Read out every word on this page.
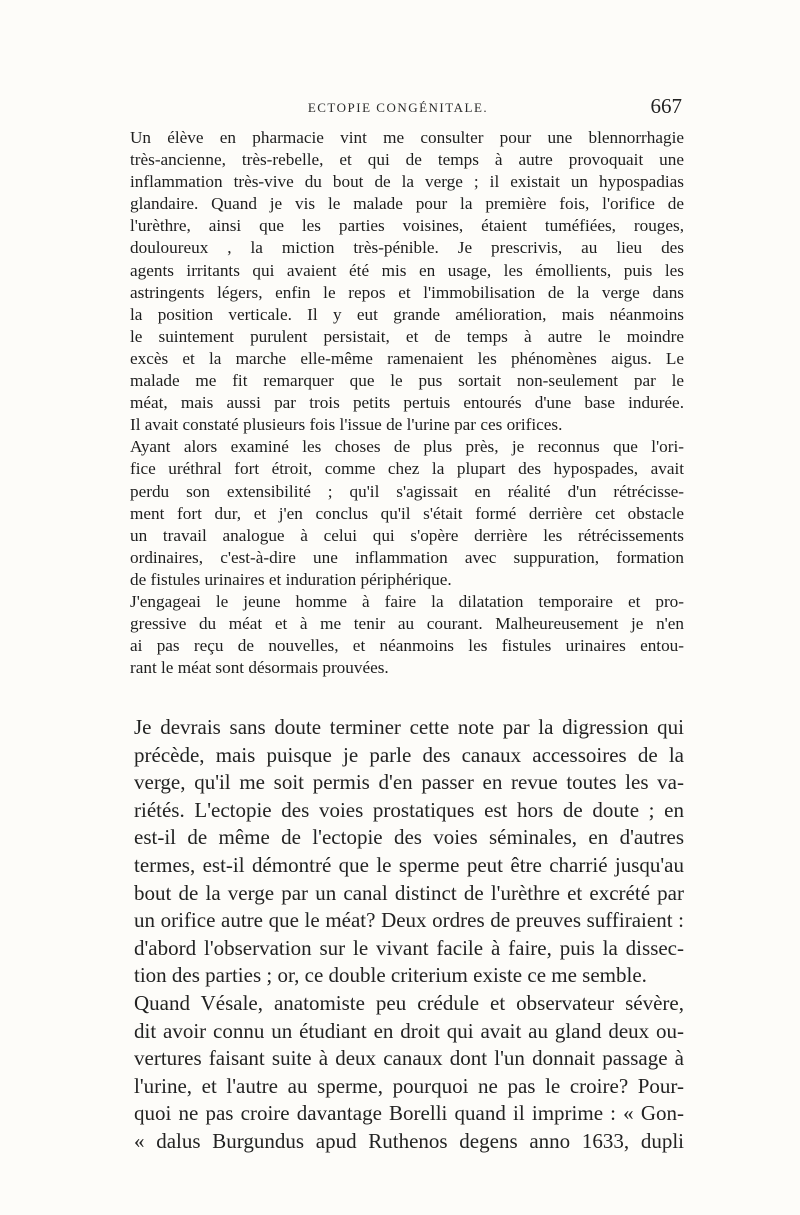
ECTOPIE CONGÉNITALE.	667

Un élève en pharmacie vint me consulter pour une blennorrhagie
très-ancienne, très-rebelle, et qui de temps à autre provoquait une
inflammation très-vive du bout de la verge ; il existait un hypospadias
glandaire. Quand je vis le malade pour la première fois, l'orifice de
l'urèthre, ainsi que les parties voisines, étaient tuméfiées, rouges,
douloureux , la miction très-pénible. Je prescrivis, au lieu des
agents irritants qui avaient été mis en usage, les émollients, puis les
astringents légers, enfin le repos et l'immobilisation de la verge dans
la position verticale. Il y eut grande amélioration, mais néanmoins
le suintement purulent persistait, et de temps à autre le moindre
excès et la marche elle-même ramenaient les phénomènes aigus. Le
malade me fit remarquer que le pus sortait non-seulement par le
méat, mais aussi par trois petits pertuis entourés d'une base indurée.
Il avait constaté plusieurs fois l'issue de l'urine par ces orifices.

Ayant alors examiné les choses de plus près, je reconnus que l'ori-
fice uréthral fort étroit, comme chez la plupart des hypospades, avait
perdu son extensibilité ; qu'il s'agissait en réalité d'un rétrécisse-
ment fort dur, et j'en conclus qu'il s'était formé derrière cet obstacle
un travail analogue à celui qui s'opère derrière les rétrécissements
ordinaires, c'est-à-dire une inflammation avec suppuration, formation
de fistules urinaires et induration périphérique.

J'engageai le jeune homme à faire la dilatation temporaire et pro-
gressive du méat et à me tenir au courant. Malheureusement je n'en
ai pas reçu de nouvelles, et néanmoins les fistules urinaires entou-
rant le méat sont désormais prouvées.

Je devrais sans doute terminer cette note par la digression qui
précède, mais puisque je parle des canaux accessoires de la
verge, qu'il me soit permis d'en passer en revue toutes les va-
riétés. L'ectopie des voies prostatiques est hors de doute ; en
est-il de même de l'ectopie des voies séminales, en d'autres
termes, est-il démontré que le sperme peut être charrié jusqu'au
bout de la verge par un canal distinct de l'urèthre et excrété par
un orifice autre que le méat? Deux ordres de preuves suffiraient :
d'abord l'observation sur le vivant facile à faire, puis la dissec-
tion des parties ; or, ce double criterium existe ce me semble.

Quand Vésale, anatomiste peu crédule et observateur sévère,
dit avoir connu un étudiant en droit qui avait au gland deux ou-
vertures faisant suite à deux canaux dont l'un donnait passage à
l'urine, et l'autre au sperme, pourquoi ne pas le croire? Pour-
quoi ne pas croire davantage Borelli quand il imprime : « Gon-
« dalus Burgundus apud Ruthenos degens anno 1633, dupli
